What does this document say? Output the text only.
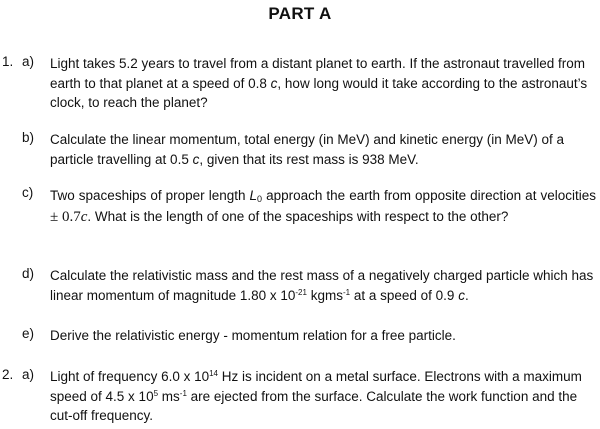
PART A
1. a) Light takes 5.2 years to travel from a distant planet to earth. If the astronaut travelled from earth to that planet at a speed of 0.8 c, how long would it take according to the astronaut’s clock, to reach the planet?
b) Calculate the linear momentum, total energy (in MeV) and kinetic energy (in MeV) of a particle travelling at 0.5 c, given that its rest mass is 938 MeV.
c) Two spaceships of proper length $L_0$ approach the earth from opposite direction at velocities ± 0.7c. What is the length of one of the spaceships with respect to the other?
d) Calculate the relativistic mass and the rest mass of a negatively charged particle which has linear momentum of magnitude 1.80 x $10^{-21}$ kgms$^{-1}$ at a speed of 0.9 c.
e) Derive the relativistic energy - momentum relation for a free particle.
2. a) Light of frequency 6.0 x $10^{14}$ Hz is incident on a metal surface. Electrons with a maximum speed of 4.5 x $10^5$ $ms^{-1}$ are ejected from the surface. Calculate the work function and the cut-off frequency.
